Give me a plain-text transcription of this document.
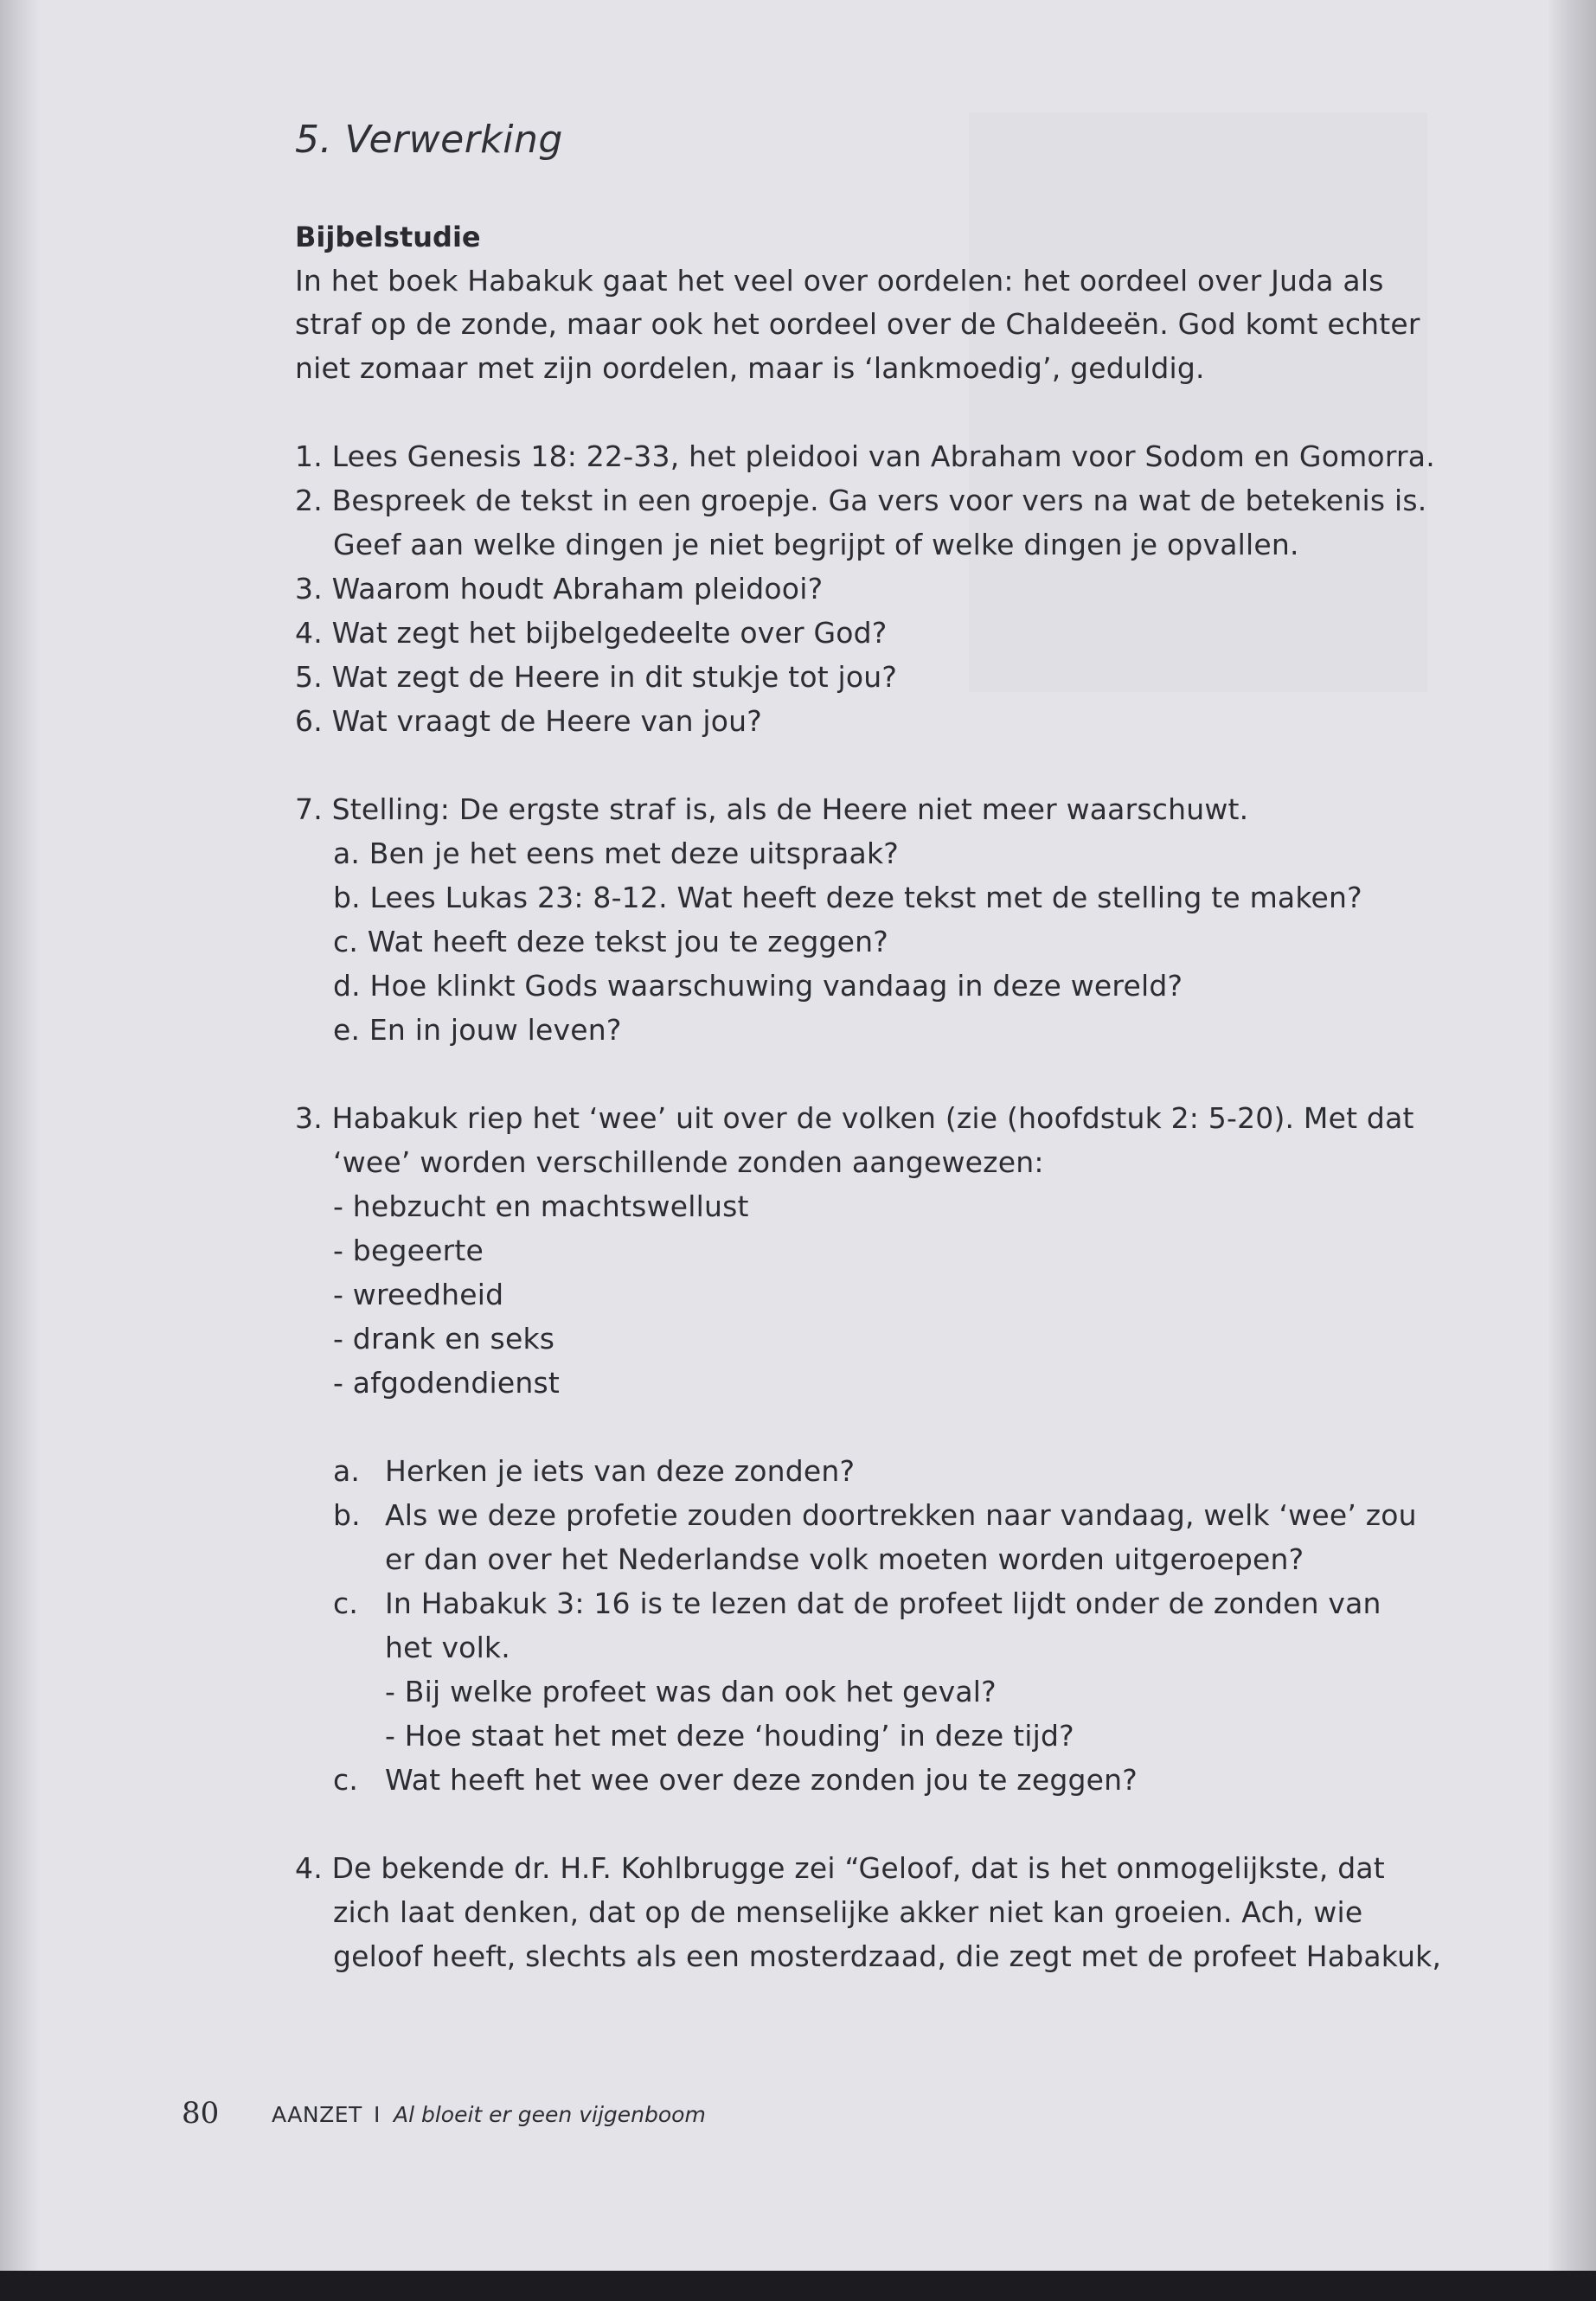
5. Verwerking
Bijbelstudie
In het boek Habakuk gaat het veel over oordelen: het oordeel over Juda als
straf op de zonde, maar ook het oordeel over de Chaldeeën. God komt echter
niet zomaar met zijn oordelen, maar is ‘lankmoedig’, geduldig.
1. Lees Genesis 18: 22-33, het pleidooi van Abraham voor Sodom en Gomorra.
2. Bespreek de tekst in een groepje. Ga vers voor vers na wat de betekenis is.
Geef aan welke dingen je niet begrijpt of welke dingen je opvallen.
3. Waarom houdt Abraham pleidooi?
4. Wat zegt het bijbelgedeelte over God?
5. Wat zegt de Heere in dit stukje tot jou?
6. Wat vraagt de Heere van jou?
7. Stelling: De ergste straf is, als de Heere niet meer waarschuwt.
a. Ben je het eens met deze uitspraak?
b. Lees Lukas 23: 8-12. Wat heeft deze tekst met de stelling te maken?
c. Wat heeft deze tekst jou te zeggen?
d. Hoe klinkt Gods waarschuwing vandaag in deze wereld?
e. En in jouw leven?
3. Habakuk riep het ‘wee’ uit over de volken (zie (hoofdstuk 2: 5-20). Met dat
‘wee’ worden verschillende zonden aangewezen:
- hebzucht en machtswellust
- begeerte
- wreedheid
- drank en seks
- afgodendienst
a. Herken je iets van deze zonden?
b. Als we deze profetie zouden doortrekken naar vandaag, welk ‘wee’ zou
er dan over het Nederlandse volk moeten worden uitgeroepen?
c. In Habakuk 3: 16 is te lezen dat de profeet lijdt onder de zonden van
het volk.
- Bij welke profeet was dan ook het geval?
- Hoe staat het met deze ‘houding’ in deze tijd?
c. Wat heeft het wee over deze zonden jou te zeggen?
4. De bekende dr. H.F. Kohlbrugge zei “Geloof, dat is het onmogelijkste, dat
zich laat denken, dat op de menselijke akker niet kan groeien. Ach, wie
geloof heeft, slechts als een mosterdzaad, die zegt met de profeet Habakuk,
80 AANZET I Al bloeit er geen vijgenboom
